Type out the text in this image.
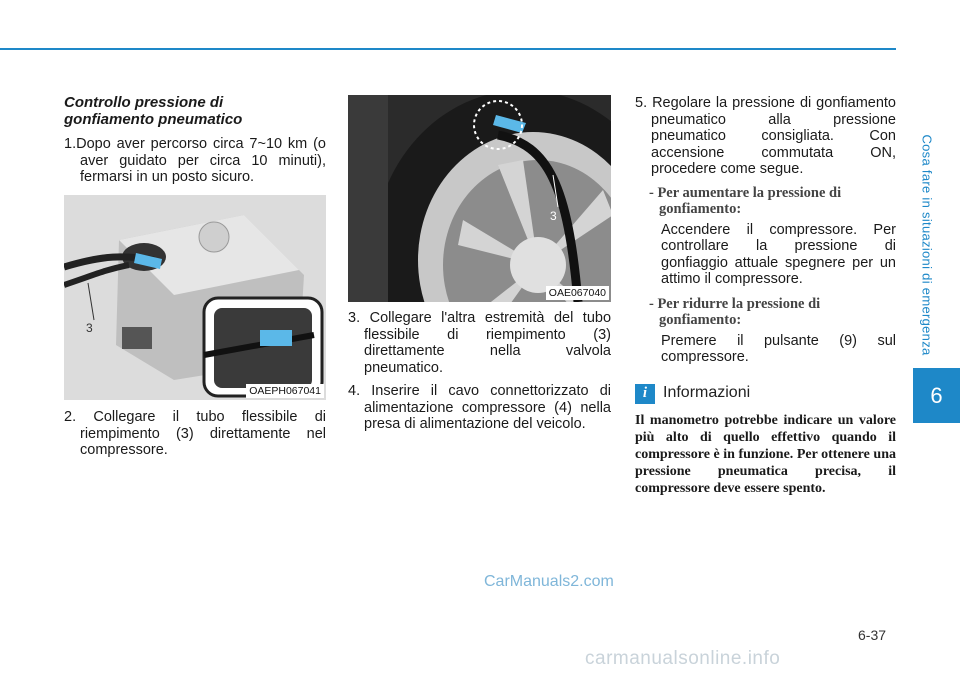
Cosa fare in situazioni di emergenza
6
Controllo pressione di
gonfiamento pneumatico
1.Dopo aver percorso circa 7~10 km (o aver guidato per circa 10 minuti), fermarsi in un posto sicuro.
3
OAEPH067041
2. Collegare il tubo flessibile di riempimento (3) direttamente nel compressore.
3
OAE067040
3. Collegare l'altra estremità del tubo flessibile di riempimento (3) direttamente nella valvola pneumatico.
4. Inserire il cavo connettorizzato di alimentazione compressore (4) nella presa di alimentazione del veicolo.
5. Regolare la pressione di gonfiamento pneumatico alla pressione pneumatico consigliata. Con accensione commutata ON, procedere come segue.
- Per aumentare la pressione di gonfiamento:
Accendere il compressore. Per controllare la pressione di gonfiaggio attuale spegnere per un attimo il compressore.
- Per ridurre la pressione di gonfiamento:
Premere il pulsante (9) sul compressore.
i Informazioni
Il manometro potrebbe indicare un valore più alto di quello effettivo quando il compressore è in funzione. Per ottenere una pressione pneumatica precisa, il compressore deve essere spento.
CarManuals2.com
6-37
carmanualsonline.info
